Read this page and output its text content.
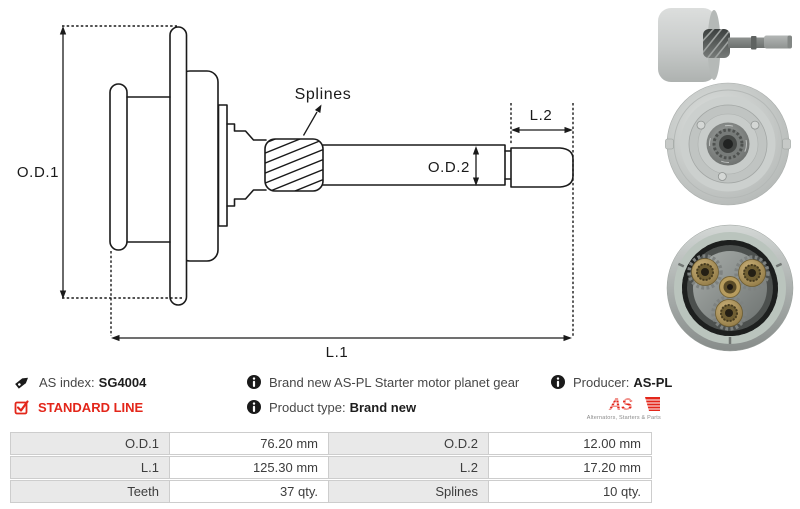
O.D.1	O.D.2
L.2
L.1
Splines
AS index: SG4004
STANDARD LINE
Brand new AS-PL Starter motor planet gear
Product type: Brand new
Producer: AS-PL
AS
Alternators, Starters & Parts
O.D.1	76.20 mm	O.D.2	12.00 mm
L.1	125.30 mm	L.2	17.20 mm
Teeth	37 qty.	Splines	10 qty.
